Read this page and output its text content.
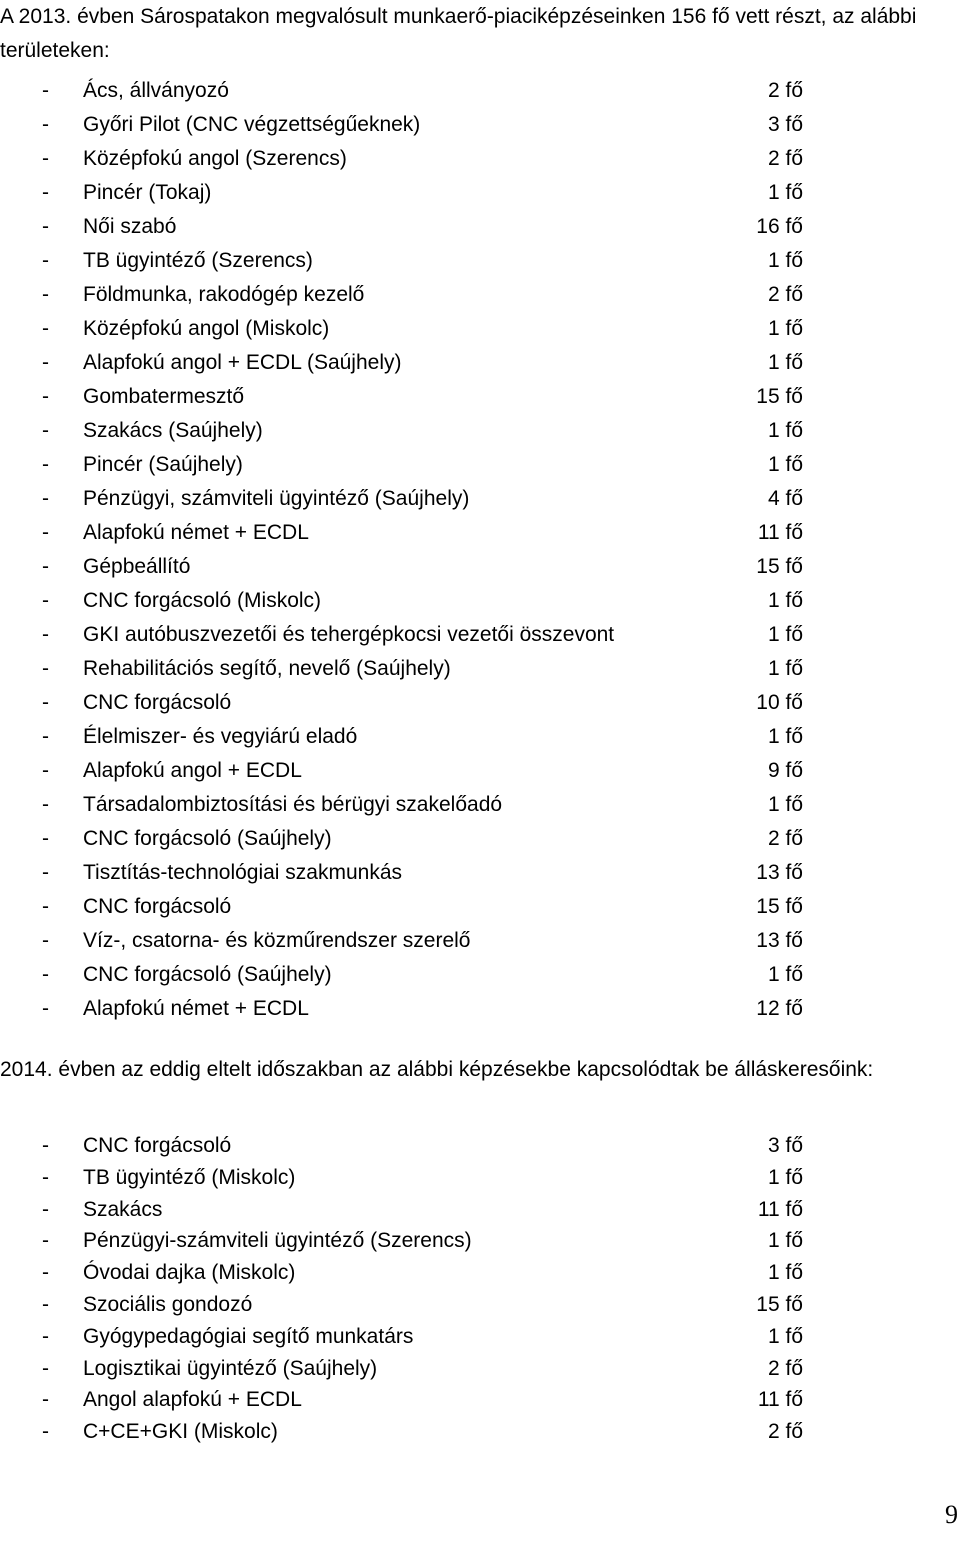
A 2013. évben Sárospatakon megvalósult munkaerő-piaciképzéseinken 156 fő vett részt, az alábbi területeken:

- Ács, állványozó	2 fő
- Győri Pilot (CNC végzettségűeknek)	3 fő
- Középfokú angol (Szerencs)	2 fő
- Pincér (Tokaj)	1 fő
- Női szabó	16 fő
- TB ügyintéző (Szerencs)	1 fő
- Földmunka, rakodógép kezelő	2 fő
- Középfokú angol (Miskolc)	1 fő
- Alapfokú angol + ECDL (Saújhely)	1 fő
- Gombatermesztő	15 fő
- Szakács (Saújhely)	1 fő
- Pincér (Saújhely)	1 fő
- Pénzügyi, számviteli ügyintéző (Saújhely)	4 fő
- Alapfokú német + ECDL	11 fő
- Gépbeállító	15 fő
- CNC forgácsoló (Miskolc)	1 fő
- GKI autóbuszvezetői és tehergépkocsi vezetői összevont	1 fő
- Rehabilitációs segítő, nevelő (Saújhely)	1 fő
- CNC forgácsoló	10 fő
- Élelmiszer- és vegyiárú eladó	1 fő
- Alapfokú angol + ECDL	9 fő
- Társadalombiztosítási és bérügyi szakelőadó	1 fő
- CNC forgácsoló (Saújhely)	2 fő
- Tisztítás-technológiai szakmunkás	13 fő
- CNC forgácsoló	15 fő
- Víz-, csatorna- és közműrendszer szerelő	13 fő
- CNC forgácsoló (Saújhely)	1 fő
- Alapfokú német + ECDL	12 fő

2014. évben az eddig eltelt időszakban az alábbi képzésekbe kapcsolódtak be álláskeresőink:

- CNC forgácsoló	3 fő
- TB ügyintéző (Miskolc)	1 fő
- Szakács	11 fő
- Pénzügyi-számviteli ügyintéző (Szerencs)	1 fő
- Óvodai dajka (Miskolc)	1 fő
- Szociális gondozó	15 fő
- Gyógypedagógiai segítő munkatárs	1 fő
- Logisztikai ügyintéző (Saújhely)	2 fő
- Angol alapfokú + ECDL	11 fő
- C+CE+GKI (Miskolc)	2 fő
9
